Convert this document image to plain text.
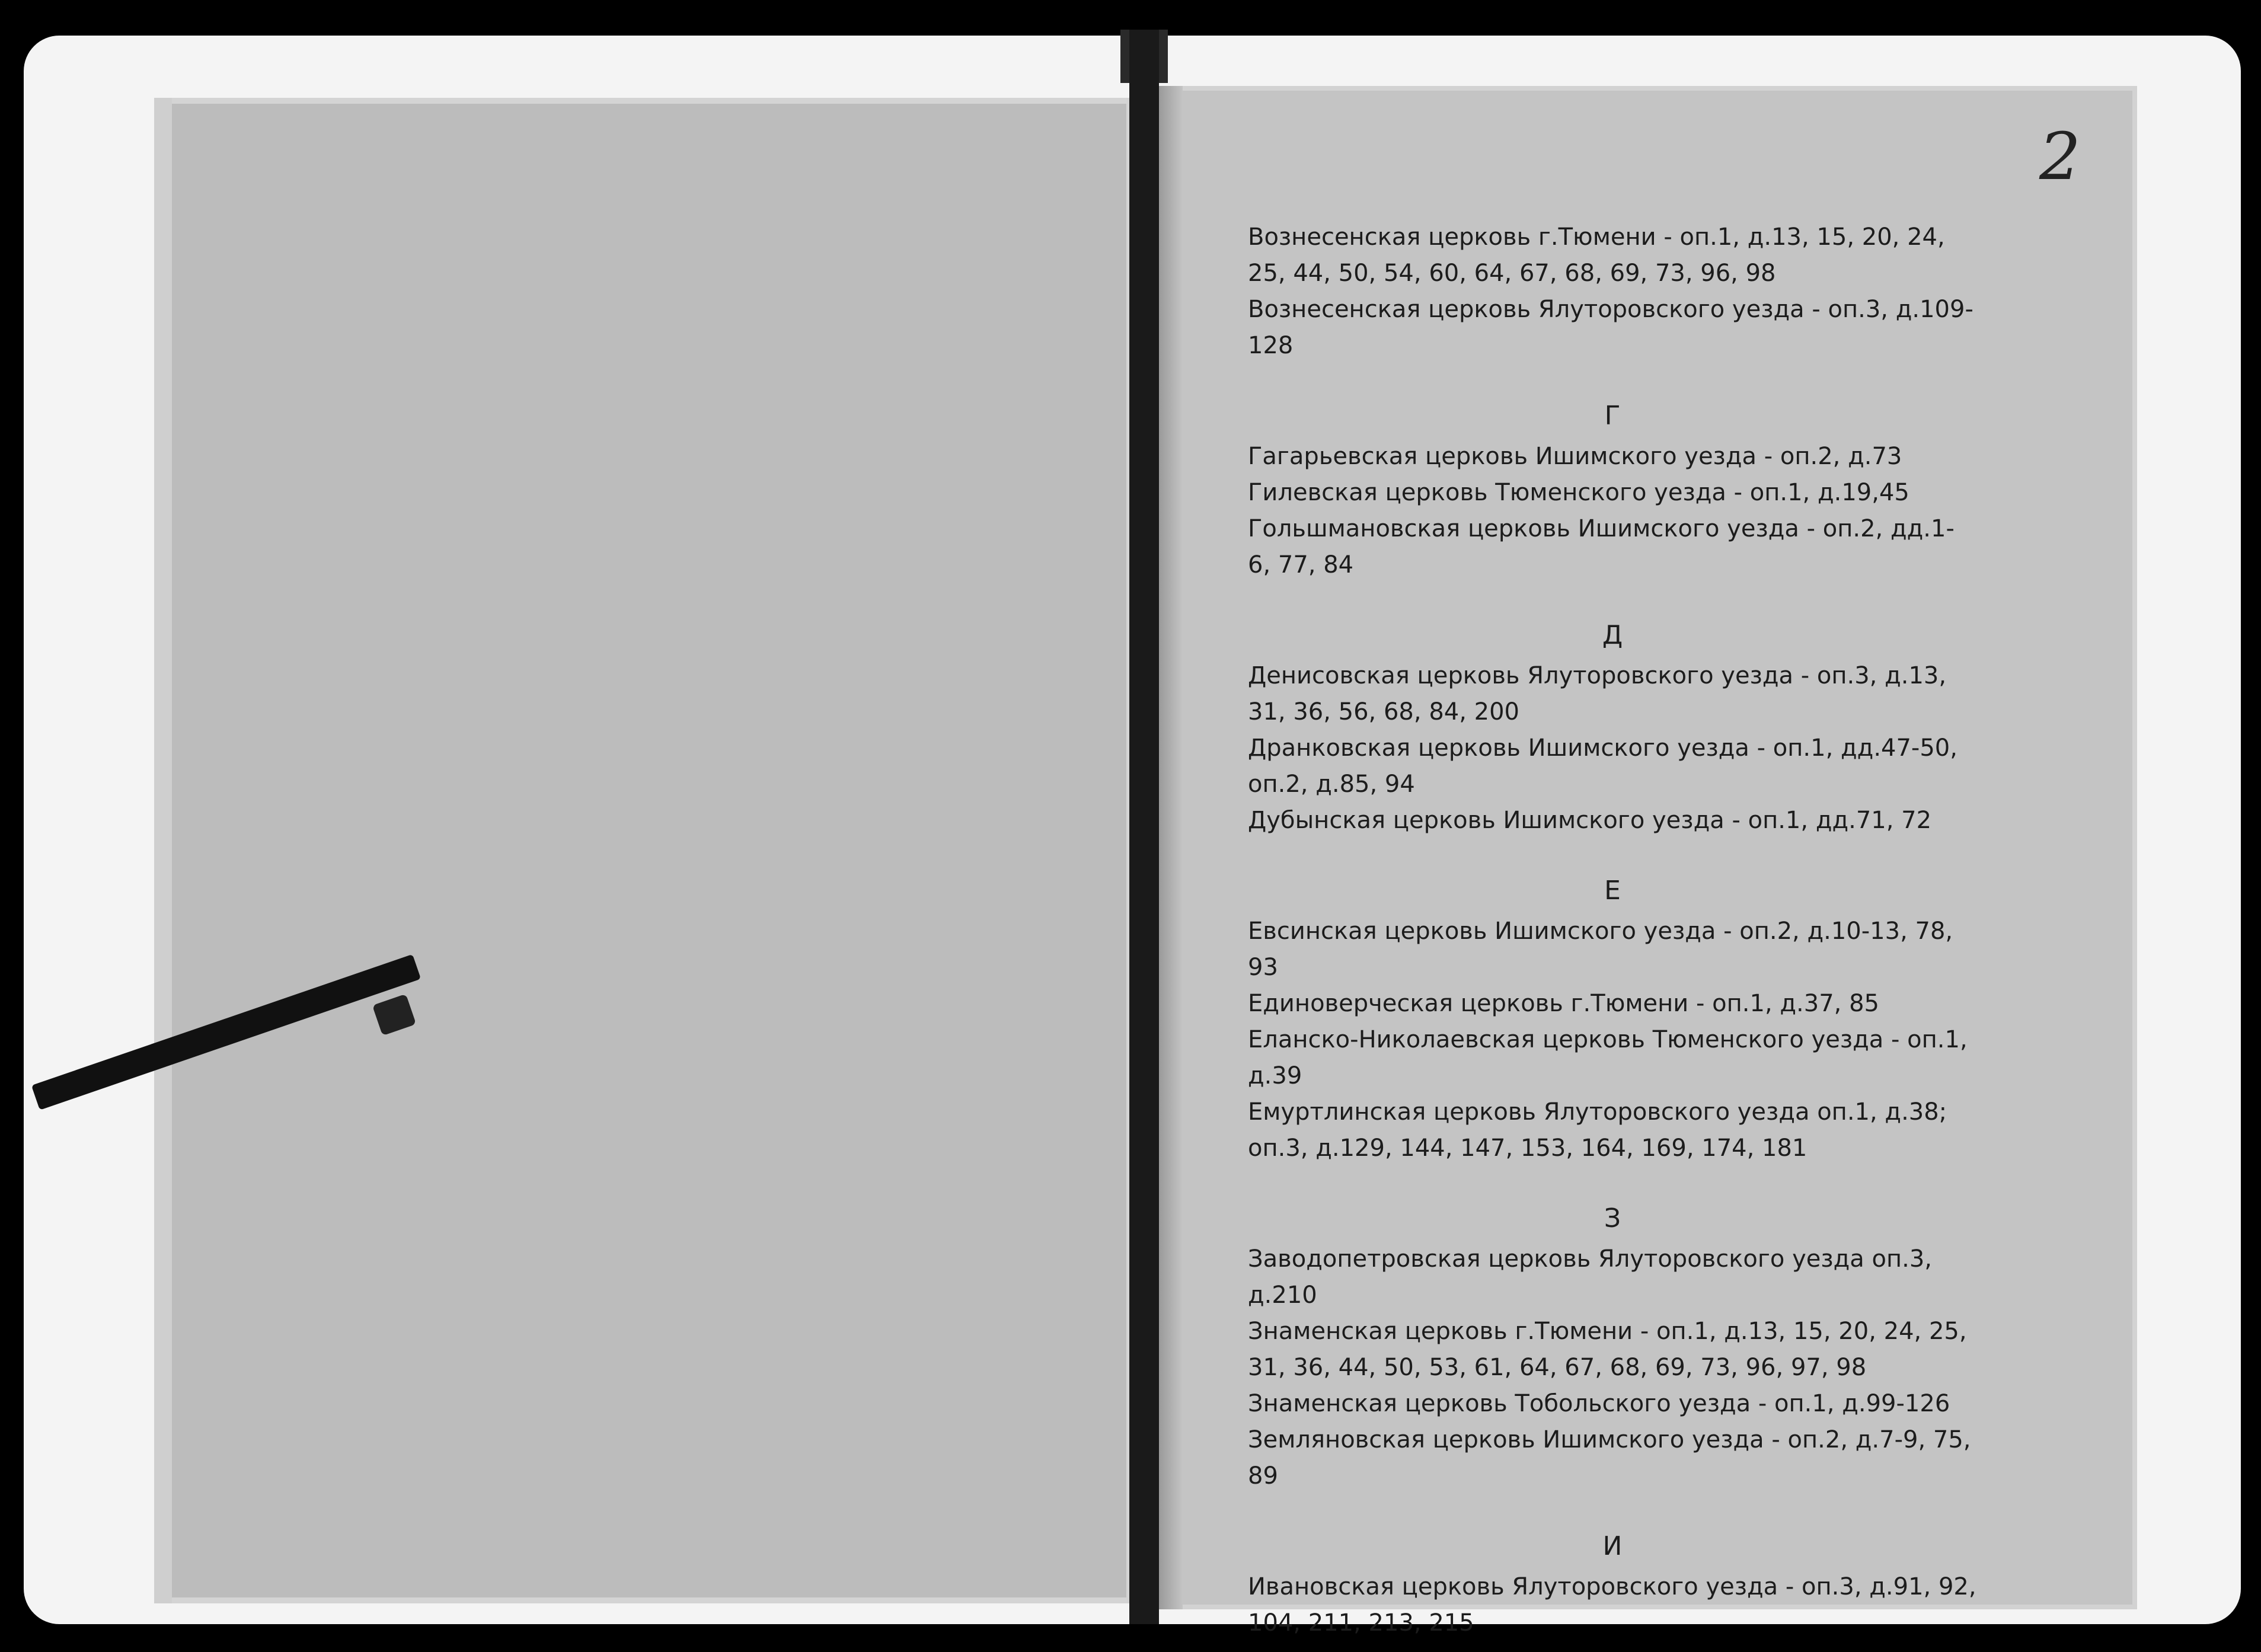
2

Вознесенская церковь г.Тюмени - оп.1, д.13, 15, 20, 24, 25, 44, 50, 54, 60, 64, 67, 68, 69, 73, 96, 98

Вознесенская церковь Ялуторовского уезда - оп.3, д.109-128

Г

Гагарьевская церковь Ишимского уезда - оп.2, д.73

Гилевская церковь Тюменского уезда - оп.1, д.19,45

Гольшмановская церковь Ишимского уезда - оп.2, дд.1-6, 77, 84

Д

Денисовская церковь Ялуторовского уезда - оп.3, д.13, 31, 36, 56, 68, 84, 200

Дранковская церковь Ишимского уезда - оп.1, дд.47-50, оп.2, д.85, 94

Дубынская церковь Ишимского уезда - оп.1, дд.71, 72

Е

Евсинская церковь Ишимского уезда - оп.2, д.10-13, 78, 93

Единоверческая церковь г.Тюмени - оп.1, д.37, 85

Еланско-Николаевская церковь Тюменского уезда - оп.1, д.39

Емуртлинская церковь Ялуторовского уезда оп.1, д.38; оп.3, д.129, 144, 147, 153, 164, 169, 174, 181

З

Заводопетровская церковь Ялуторовского уезда оп.3, д.210

Знаменская церковь г.Тюмени - оп.1, д.13, 15, 20, 24, 25, 31, 36, 44, 50, 53, 61, 64, 67, 68, 69, 73, 96, 97, 98

Знаменская церковь Тобольского уезда - оп.1, д.99-126

Земляновская церковь Ишимского уезда - оп.2, д.7-9, 75, 89

И

Ивановская церковь Ялуторовского уезда - оп.3, д.91, 92, 104, 211, 213, 215
